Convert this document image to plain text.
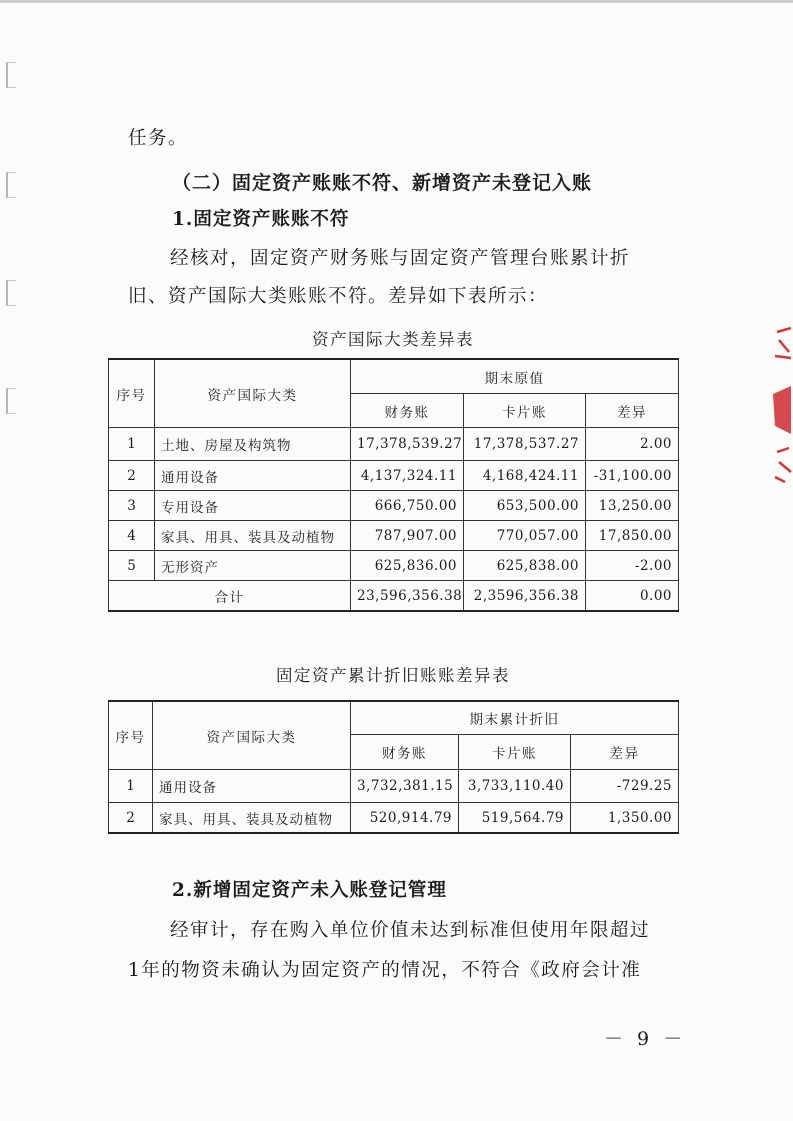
任务。

（二）固定资产账账不符、新增资产未登记入账
1.固定资产账账不符

经核对，固定资产财务账与固定资产管理台账累计折

旧、资产国际大类账账不符。差异如下表所示：

资产国际大类差异表

序号	资产国际大类	期末原值		
		财务账	卡片账	差异
1	土地、房屋及构筑物	17,378,539.27	17,378,537.27	2.00
2	通用设备	4,137,324.11	4,168,424.11	-31,100.00
3	专用设备	666,750.00	653,500.00	13,250.00
4	家具、用具、装具及动植物	787,907.00	770,057.00	17,850.00
5	无形资产	625,836.00	625,838.00	-2.00
合计		23,596,356.38	2,3596,356.38	0.00

固定资产累计折旧账账差异表

序号	资产国际大类	期末累计折旧		
		财务账	卡片账	差异
1	通用设备	3,732,381.15	3,733,110.40	-729.25
2	家具、用具、装具及动植物	520,914.79	519,564.79	1,350.00
2.新增固定资产未入账登记管理

经审计，存在购入单位价值未达到标准但使用年限超过

1年的物资未确认为固定资产的情况，不符合《政府会计准

－ 9 －
